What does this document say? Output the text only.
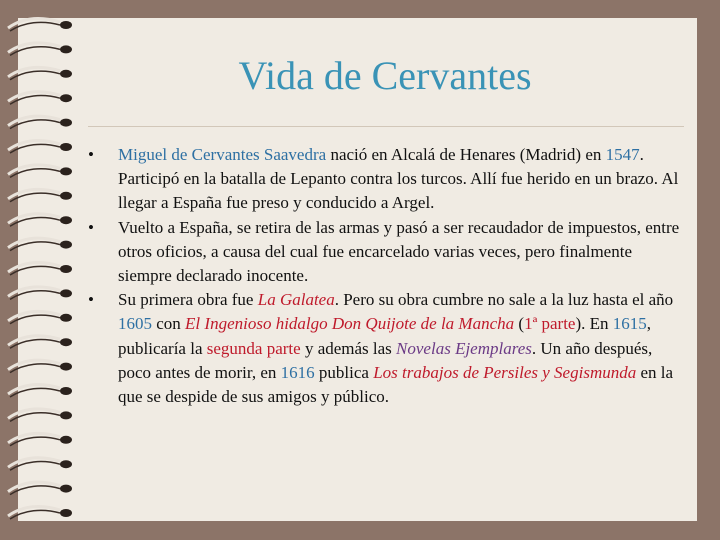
Vida de Cervantes

• Miguel de Cervantes Saavedra nació en Alcalá de Henares (Madrid) en 1547. Participó en la batalla de Lepanto contra los turcos. Allí fue herido en un brazo. Al llegar a España fue preso y conducido a Argel.

• Vuelto a España, se retira de las armas y pasó a ser recaudador de impuestos, entre otros oficios, a causa del cual fue encarcelado varias veces, pero finalmente siempre declarado inocente.

• Su primera obra fue La Galatea. Pero su obra cumbre no sale a la luz hasta el año 1605 con El Ingenioso hidalgo Don Quijote de la Mancha (1ª parte). En 1615, publicaría la segunda parte y además las Novelas Ejemplares. Un año después, poco antes de morir, en 1616 publica Los trabajos de Persiles y Segismunda en la que se despide de sus amigos y público.
